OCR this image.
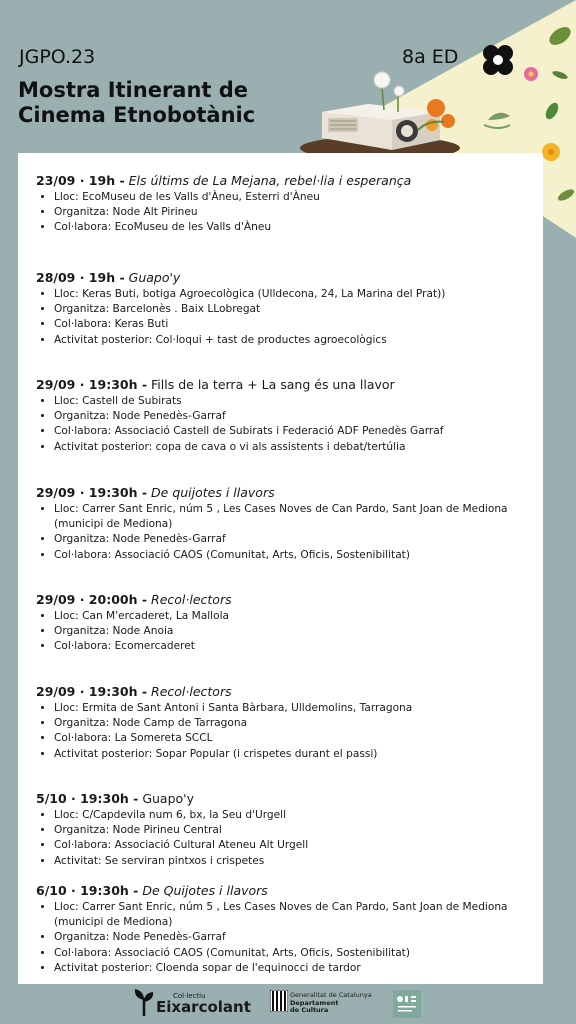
JGPO.23	8a ED
Mostra Itinerant de
Cinema Etnobotànic
23/09 · 19h - Els últims de La Mejana, rebel·lia i esperança
• Lloc: EcoMuseu de les Valls d'Àneu, Esterri d'Àneu
• Organitza: Node Alt Pirineu
• Col·labora: EcoMuseu de les Valls d'Àneu
28/09 · 19h - Guapo'y
• Lloc: Keras Buti, botiga Agroecològica (Ulldecona, 24, La Marina del Prat))
• Organitza: Barcelonès . Baix LLobregat
• Col·labora: Keras Buti
• Activitat posterior: Col·loqui + tast de productes agroecològics
29/09 · 19:30h - Fills de la terra + La sang és una llavor
• Lloc: Castell de Subirats
• Organitza: Node Penedès-Garraf
• Col·labora: Associació Castell de Subirats i Federació ADF Penedès Garraf
• Activitat posterior: copa de cava o vi als assistents i debat/tertúlia
29/09 · 19:30h - De quijotes i llavors
• Lloc: Carrer Sant Enric, núm 5 , Les Cases Noves de Can Pardo, Sant Joan de Mediona (municipi de Mediona)
• Organitza: Node Penedès-Garraf
• Col·labora: Associació CAOS (Comunitat, Arts, Oficis, Sostenibilitat)
29/09 · 20:00h - Recol·lectors
• Lloc: Can M'ercaderet, La Mallola
• Organitza: Node Anoia
• Col·labora: Ecomercaderet
29/09 · 19:30h - Recol·lectors
• Lloc: Ermita de Sant Antoni i Santa Bàrbara, Ulldemolins, Tarragona
• Organitza: Node Camp de Tarragona
• Col·labora: La Somereta SCCL
• Activitat posterior: Sopar Popular (i crispetes durant el passi)
5/10 · 19:30h - Guapo'y
• Lloc: C/Capdevila num 6, bx, la Seu d'Urgell
• Organitza: Node Pirineu Central
• Col·labora: Associació Cultural Ateneu Alt Urgell
• Activitat: Se serviran pintxos i crispetes
6/10 · 19:30h - De Quijotes i llavors
• Lloc: Carrer Sant Enric, núm 5 , Les Cases Noves de Can Pardo, Sant Joan de Mediona (municipi de Mediona)
• Organitza: Node Penedès-Garraf
• Col·labora: Associació CAOS (Comunitat, Arts, Oficis, Sostenibilitat)
• Activitat posterior: Cloenda sopar de l'equinocci de tardor
Col·lectiu
Eixarcolant
Generalitat de Catalunya
Departament
de Cultura
